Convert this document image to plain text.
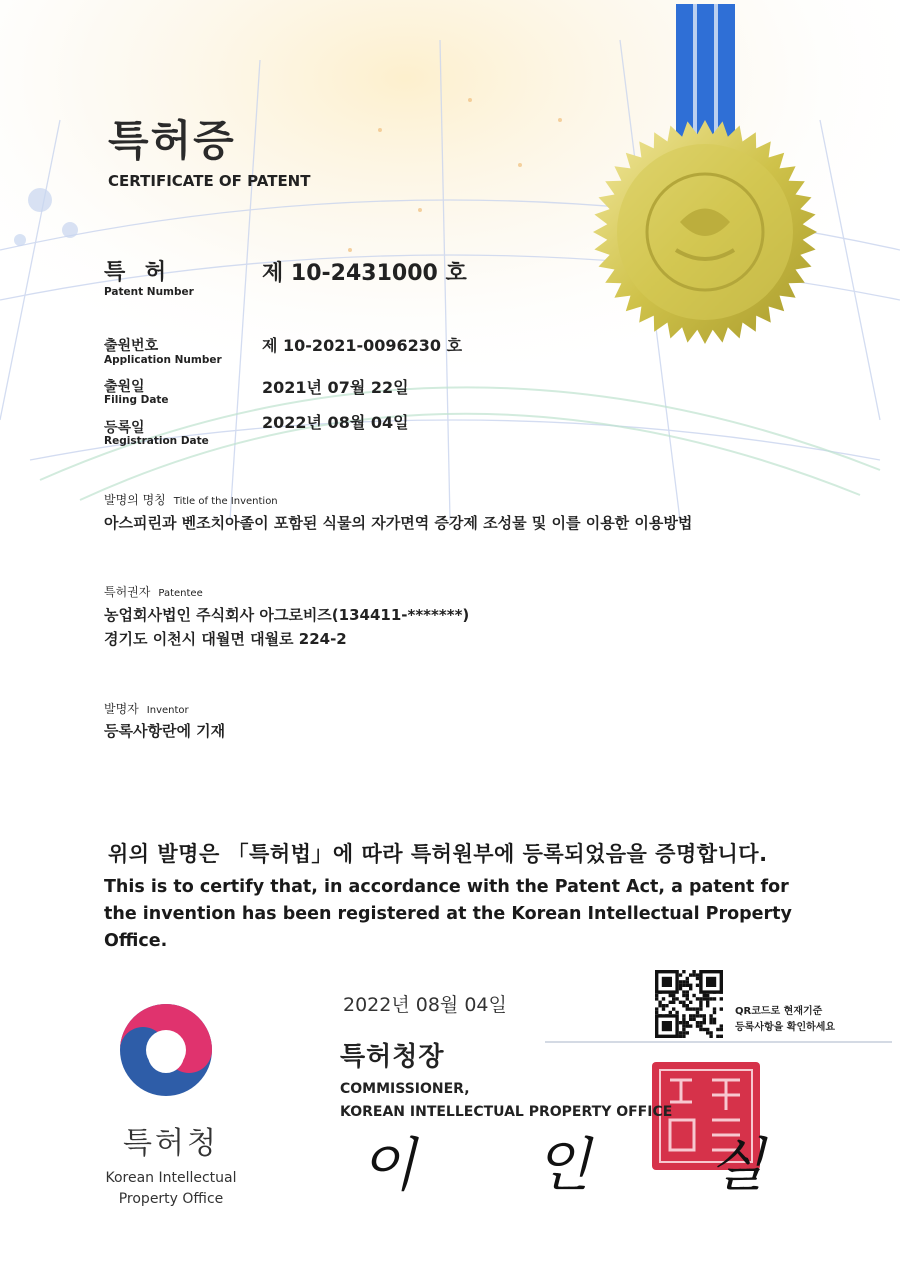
특허증
CERTIFICATE OF PATENT
특 허
Patent Number
제 10-2431000 호
출원번호
Application Number
제 10-2021-0096230 호
출원일
Filing Date
2021년 07월 22일
등록일
Registration Date
2022년 08월 04일
발명의 명칭 Title of the Invention
아스피린과 벤조치아졸이 포함된 식물의 자가면역 증강제 조성물 및 이를 이용한 이용방법
특허권자 Patentee
농업회사법인 주식회사 아그로비즈(134411-*******)
경기도 이천시 대월면 대월로 224-2
발명자 Inventor
등록사항란에 기재
위의 발명은 「특허법」에 따라 특허원부에 등록되었음을 증명합니다.
This is to certify that, in accordance with the Patent Act, a patent for the invention has been registered at the Korean Intellectual Property Office.
2022년 08월 04일
특허청장
COMMISSIONER,
KOREAN INTELLECTUAL PROPERTY OFFICE
이 인 실
QR코드로 현재기준
등록사항을 확인하세요
특허청
Korean Intellectual
Property Office
